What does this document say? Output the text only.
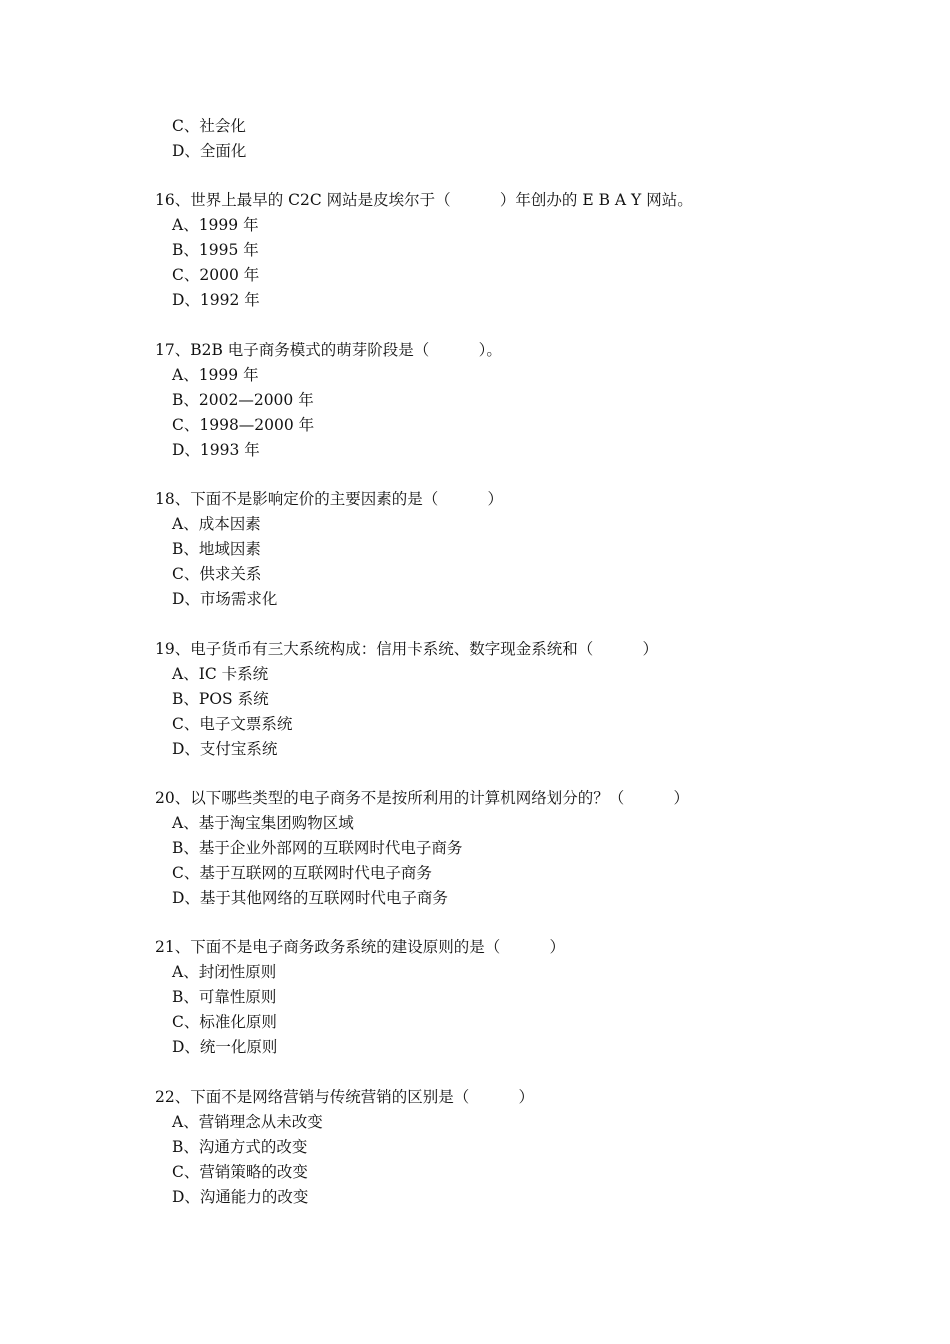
C、社会化
D、全面化
16、世界上最早的 C2C 网站是皮埃尔于（          ）年创办的 E B A Y 网站。
A、1999 年
B、1995 年
C、2000 年
D、1992 年
17、B2B 电子商务模式的萌芽阶段是（          ）。
A、1999 年
B、2002—2000 年
C、1998—2000 年
D、1993 年
18、下面不是影响定价的主要因素的是（          ）
A、成本因素
B、地域因素
C、供求关系
D、市场需求化
19、电子货币有三大系统构成：信用卡系统、数字现金系统和（          ）
A、IC 卡系统
B、POS 系统
C、电子文票系统
D、支付宝系统
20、以下哪些类型的电子商务不是按所利用的计算机网络划分的？（          ）
A、基于淘宝集团购物区域
B、基于企业外部网的互联网时代电子商务
C、基于互联网的互联网时代电子商务
D、基于其他网络的互联网时代电子商务
21、下面不是电子商务政务系统的建设原则的是（          ）
A、封闭性原则
B、可靠性原则
C、标准化原则
D、统一化原则
22、下面不是网络营销与传统营销的区别是（          ）
A、营销理念从未改变
B、沟通方式的改变
C、营销策略的改变
D、沟通能力的改变
